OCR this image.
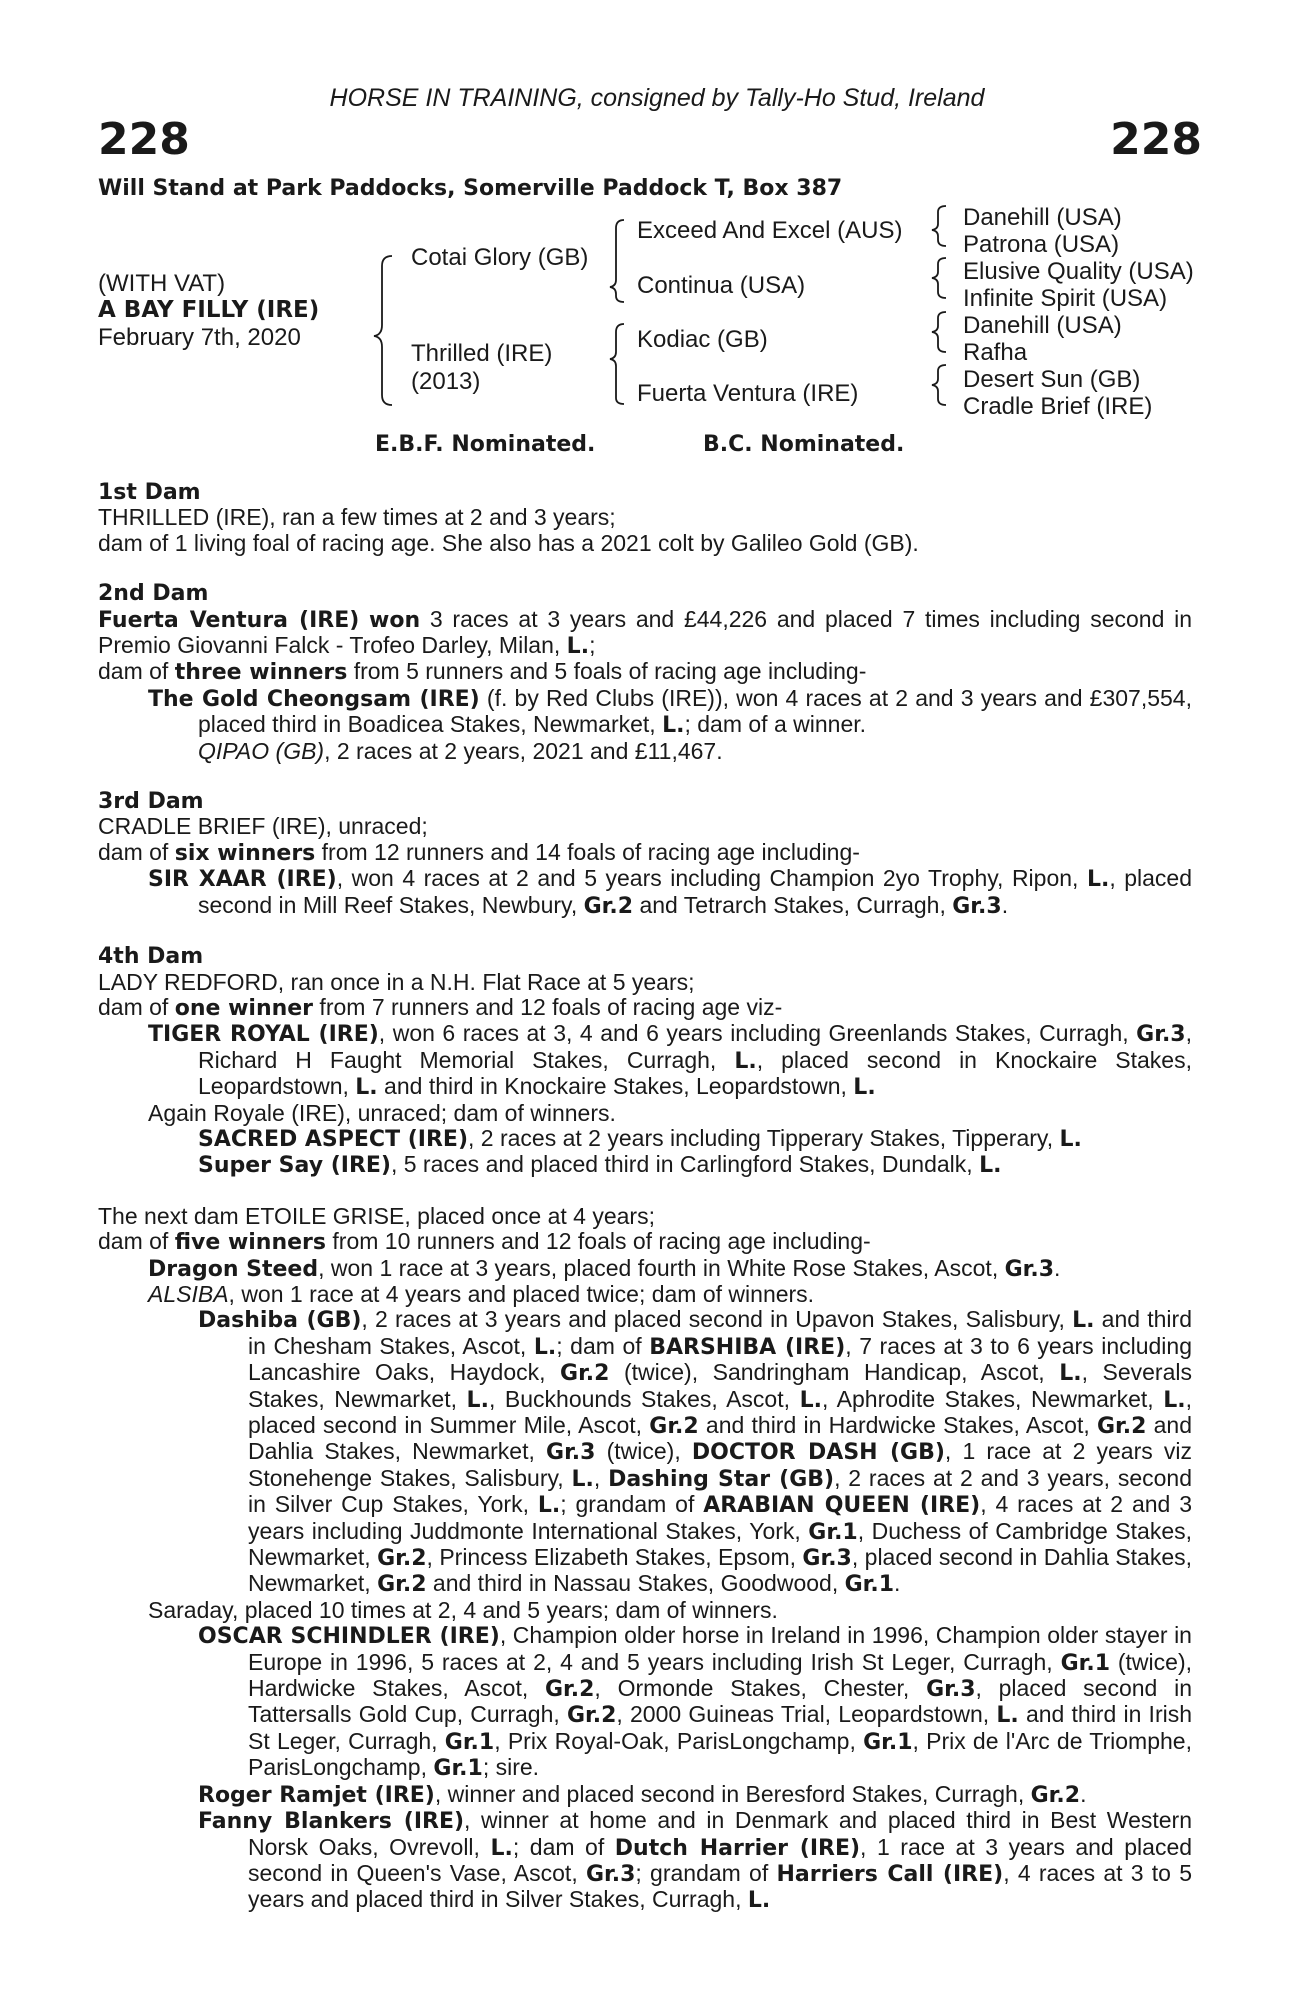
HORSE IN TRAINING, consigned by Tally-Ho Stud, Ireland
228	228
Will Stand at Park Paddocks, Somerville Paddock T, Box 387
(WITH VAT)
A BAY FILLY (IRE)
February 7th, 2020
Cotai Glory (GB)
Thrilled (IRE)
(2013)
Exceed And Excel (AUS)
Continua (USA)
Kodiac (GB)
Fuerta Ventura (IRE)
Danehill (USA)
Patrona (USA)
Elusive Quality (USA)
Infinite Spirit (USA)
Danehill (USA)
Rafha
Desert Sun (GB)
Cradle Brief (IRE)
E.B.F. Nominated.	B.C. Nominated.

1st Dam

THRILLED (IRE), ran a few times at 2 and 3 years;

dam of 1 living foal of racing age. She also has a 2021 colt by Galileo Gold (GB).

2nd Dam

Fuerta Ventura (IRE) won 3 races at 3 years and £44,226 and placed 7 times including second in Premio Giovanni Falck - Trofeo Darley, Milan, L.;

dam of three winners from 5 runners and 5 foals of racing age including-

The Gold Cheongsam (IRE) (f. by Red Clubs (IRE)), won 4 races at 2 and 3 years and £307,554, placed third in Boadicea Stakes, Newmarket, L.; dam of a winner.

QIPAO (GB), 2 races at 2 years, 2021 and £11,467.

3rd Dam

CRADLE BRIEF (IRE), unraced;

dam of six winners from 12 runners and 14 foals of racing age including-

SIR XAAR (IRE), won 4 races at 2 and 5 years including Champion 2yo Trophy, Ripon, L., placed second in Mill Reef Stakes, Newbury, Gr.2 and Tetrarch Stakes, Curragh, Gr.3.

4th Dam

LADY REDFORD, ran once in a N.H. Flat Race at 5 years;

dam of one winner from 7 runners and 12 foals of racing age viz-

TIGER ROYAL (IRE), won 6 races at 3, 4 and 6 years including Greenlands Stakes, Curragh, Gr.3, Richard H Faught Memorial Stakes, Curragh, L., placed second in Knockaire Stakes, Leopardstown, L. and third in Knockaire Stakes, Leopardstown, L.

Again Royale (IRE), unraced; dam of winners.

SACRED ASPECT (IRE), 2 races at 2 years including Tipperary Stakes, Tipperary, L.

Super Say (IRE), 5 races and placed third in Carlingford Stakes, Dundalk, L.

The next dam ETOILE GRISE, placed once at 4 years;

dam of five winners from 10 runners and 12 foals of racing age including-

Dragon Steed, won 1 race at 3 years, placed fourth in White Rose Stakes, Ascot, Gr.3.

ALSIBA, won 1 race at 4 years and placed twice; dam of winners.

Dashiba (GB), 2 races at 3 years and placed second in Upavon Stakes, Salisbury, L. and third in Chesham Stakes, Ascot, L.; dam of BARSHIBA (IRE), 7 races at 3 to 6 years including Lancashire Oaks, Haydock, Gr.2 (twice), Sandringham Handicap, Ascot, L., Severals Stakes, Newmarket, L., Buckhounds Stakes, Ascot, L., Aphrodite Stakes, Newmarket, L., placed second in Summer Mile, Ascot, Gr.2 and third in Hardwicke Stakes, Ascot, Gr.2 and Dahlia Stakes, Newmarket, Gr.3 (twice), DOCTOR DASH (GB), 1 race at 2 years viz Stonehenge Stakes, Salisbury, L., Dashing Star (GB), 2 races at 2 and 3 years, second in Silver Cup Stakes, York, L.; grandam of ARABIAN QUEEN (IRE), 4 races at 2 and 3 years including Juddmonte International Stakes, York, Gr.1, Duchess of Cambridge Stakes, Newmarket, Gr.2, Princess Elizabeth Stakes, Epsom, Gr.3, placed second in Dahlia Stakes, Newmarket, Gr.2 and third in Nassau Stakes, Goodwood, Gr.1.

Saraday, placed 10 times at 2, 4 and 5 years; dam of winners.

OSCAR SCHINDLER (IRE), Champion older horse in Ireland in 1996, Champion older stayer in Europe in 1996, 5 races at 2, 4 and 5 years including Irish St Leger, Curragh, Gr.1 (twice), Hardwicke Stakes, Ascot, Gr.2, Ormonde Stakes, Chester, Gr.3, placed second in Tattersalls Gold Cup, Curragh, Gr.2, 2000 Guineas Trial, Leopardstown, L. and third in Irish St Leger, Curragh, Gr.1, Prix Royal-Oak, ParisLongchamp, Gr.1, Prix de l'Arc de Triomphe, ParisLongchamp, Gr.1; sire.

Roger Ramjet (IRE), winner and placed second in Beresford Stakes, Curragh, Gr.2.

Fanny Blankers (IRE), winner at home and in Denmark and placed third in Best Western Norsk Oaks, Ovrevoll, L.; dam of Dutch Harrier (IRE), 1 race at 3 years and placed second in Queen's Vase, Ascot, Gr.3; grandam of Harriers Call (IRE), 4 races at 3 to 5 years and placed third in Silver Stakes, Curragh, L.
